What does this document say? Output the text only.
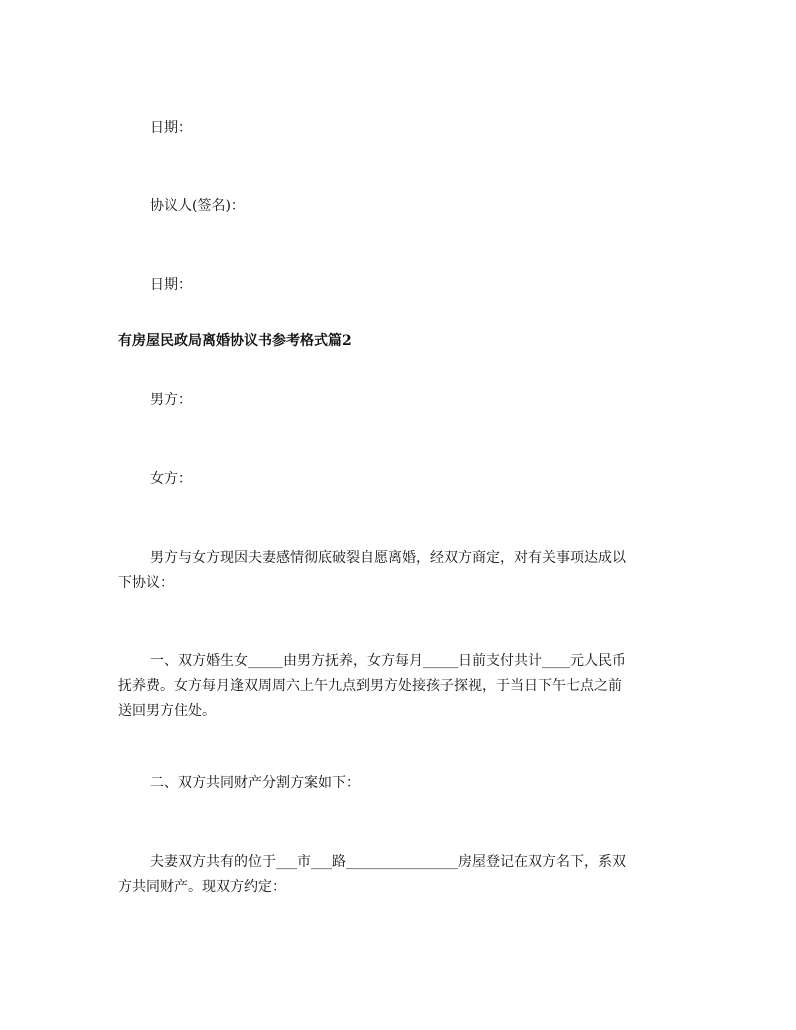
日期：
协议人(签名)：
日期：
有房屋民政局离婚协议书参考格式篇2
男方：
女方：
男方与女方现因夫妻感情彻底破裂自愿离婚，经双方商定，对有关事项达成以
下协议：
一、双方婚生女_____由男方抚养，女方每月_____日前支付共计____元人民币
抚养费。女方每月逢双周周六上午九点到男方处接孩子探视，于当日下午七点之前
送回男方住处。
二、双方共同财产分割方案如下：
夫妻双方共有的位于___市___路________________房屋登记在双方名下，系双
方共同财产。现双方约定：
